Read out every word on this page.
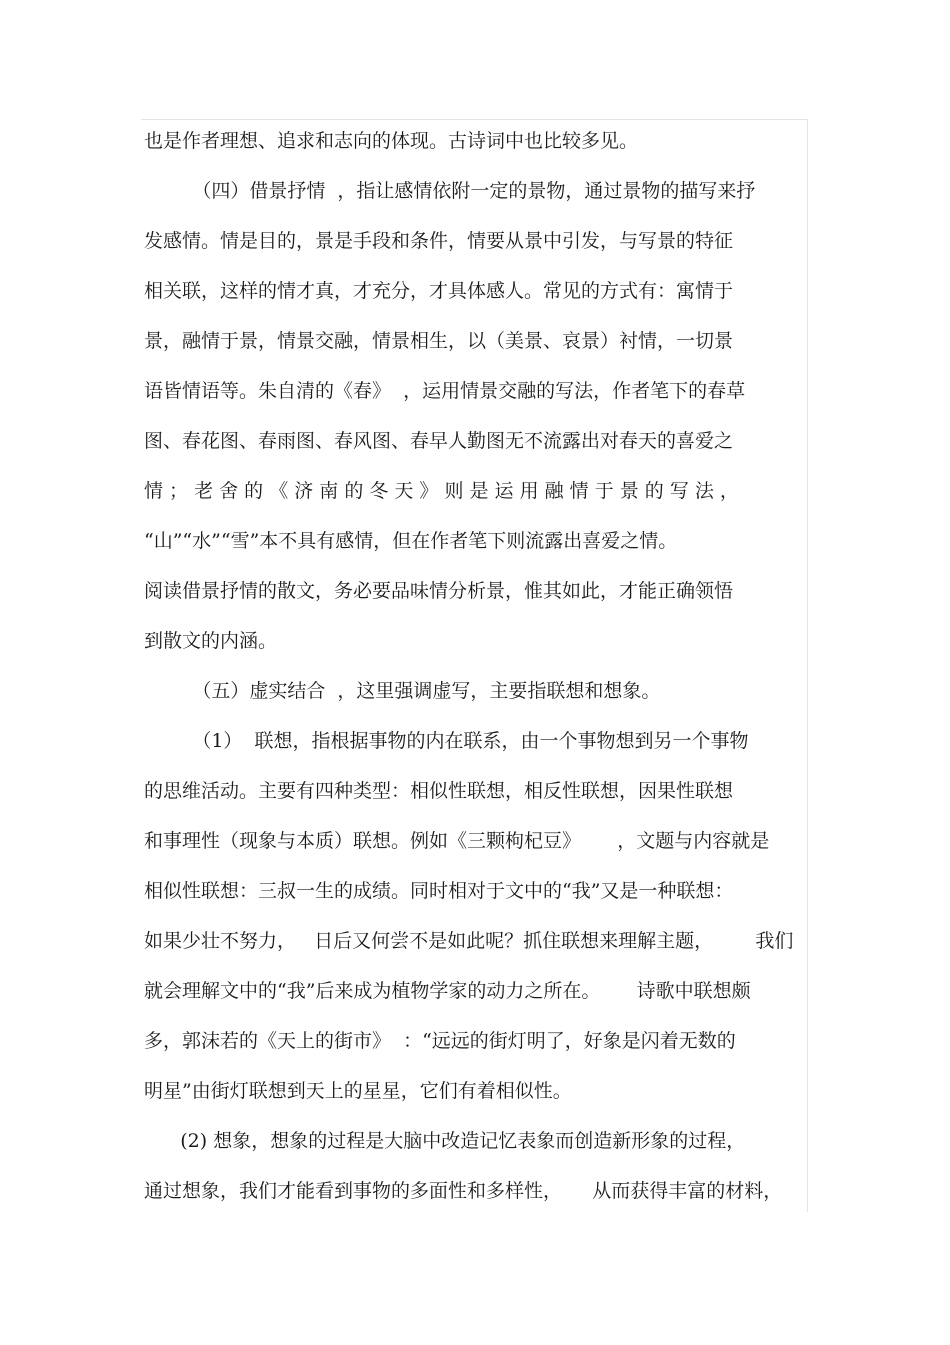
也是作者理想、追求和志向的体现。古诗词中也比较多见。
（四）借景抒情  ，指让感情依附一定的景物，通过景物的描写来抒
发感情。情是目的，景是手段和条件，情要从景中引发，与写景的特征
相关联，这样的情才真，才充分，才具体感人。常见的方式有：寓情于
景，融情于景，情景交融，情景相生，以（美景、哀景）衬情，一切景
语皆情语等。朱自清的《春》  ，运用情景交融的写法，作者笔下的春草
图、春花图、春雨图、春风图、春早人勤图无不流露出对春天的喜爱之
情 ； 老 舍 的 《 济 南 的 冬 天 》 则 是 运 用 融 情 于 景 的 写 法 ，
“山”“水”“雪”本不具有感情，但在作者笔下则流露出喜爱之情。
阅读借景抒情的散文，务必要品味情分析景，惟其如此，才能正确领悟
到散文的内涵。
（五）虚实结合  ，这里强调虚写，主要指联想和想象。
（1）  联想，指根据事物的内在联系，由一个事物想到另一个事物
的思维活动。主要有四种类型：相似性联想，相反性联想，因果性联想
和事理性（现象与本质）联想。例如《三颗枸杞豆》      ，文题与内容就是
相似性联想：三叔一生的成绩。同时相对于文中的“我”又是一种联想：
如果少壮不努力，   日后又何尝不是如此呢？抓住联想来理解主题，       我们
就会理解文中的“我”后来成为植物学家的动力之所在。      诗歌中联想颇
多，郭沫若的《天上的街市》  ：“远远的街灯明了，好象是闪着无数的
明星”由街灯联想到天上的星星，它们有着相似性。
(2) 想象，想象的过程是大脑中改造记忆表象而创造新形象的过程，
通过想象，我们才能看到事物的多面性和多样性，     从而获得丰富的材料，
